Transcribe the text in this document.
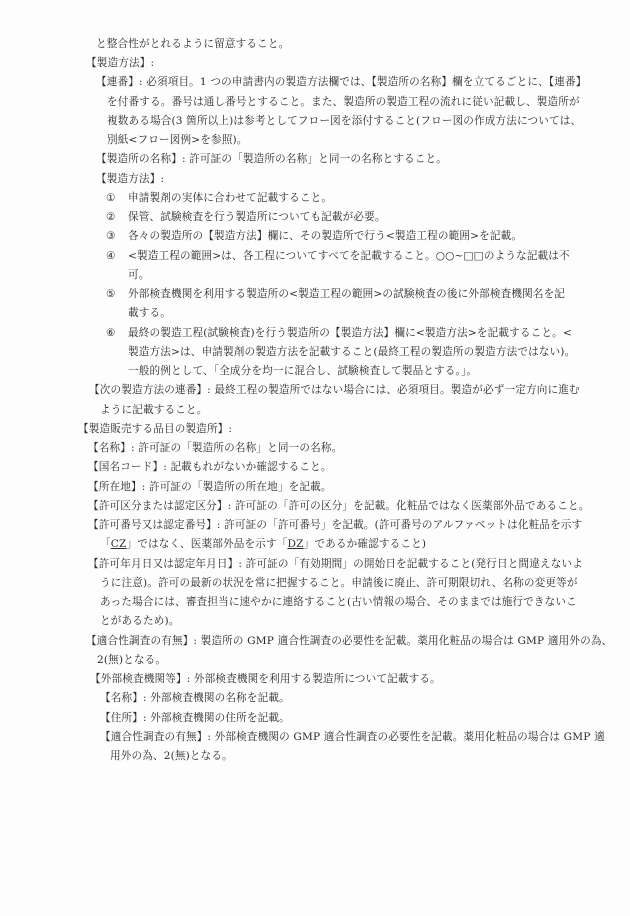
と整合性がとれるように留意すること。
【製造方法】:
【連番】: 必須項目。1 つの申請書内の製造方法欄では、【製造所の名称】欄を立てるごとに、【連番】
を付番する。番号は通し番号とすること。また、製造所の製造工程の流れに従い記載し、製造所が
複数ある場合(3 箇所以上)は参考としてフロー図を添付すること(フロー図の作成方法については、
別紙<フロー図例>を参照)。
【製造所の名称】: 許可証の「製造所の名称」と同一の名称とすること。
【製造方法】:
① 申請製剤の実体に合わせて記載すること。
② 保管、試験検査を行う製造所についても記載が必要。
③ 各々の製造所の【製造方法】欄に、その製造所で行う<製造工程の範囲>を記載。
④ <製造工程の範囲>は、各工程についてすべてを記載すること。○○~□□のような記載は不
可。
⑤ 外部検査機関を利用する製造所の<製造工程の範囲>の試験検査の後に外部検査機関名を記
載する。
⑥ 最終の製造工程(試験検査)を行う製造所の【製造方法】欄に<製造方法>を記載すること。<
製造方法>は、申請製剤の製造方法を記載すること(最終工程の製造所の製造方法ではない)。
一般的例として、「全成分を均一に混合し、試験検査して製品とする。」。
【次の製造方法の連番】: 最終工程の製造所ではない場合には、必須項目。製造が必ず一定方向に進む
ように記載すること。
【製造販売する品目の製造所】:
【名称】: 許可証の「製造所の名称」と同一の名称。
【国名コード】: 記載もれがないか確認すること。
【所在地】: 許可証の「製造所の所在地」を記載。
【許可区分または認定区分】: 許可証の「許可の区分」を記載。化粧品ではなく医薬部外品であること。
【許可番号又は認定番号】: 許可証の「許可番号」を記載。(許可番号のアルファベットは化粧品を示す
「CZ」ではなく、医薬部外品を示す「DZ」であるか確認すること)
【許可年月日又は認定年月日】: 許可証の「有効期間」の開始日を記載すること(発行日と間違えないよ
うに注意)。許可の最新の状況を常に把握すること。申請後に廃止、許可期限切れ、名称の変更等が
あった場合には、審査担当に速やかに連絡すること(古い情報の場合、そのままでは施行できないこ
とがあるため)。
【適合性調査の有無】: 製造所の GMP 適合性調査の必要性を記載。薬用化粧品の場合は GMP 適用外の為、
2(無)となる。
【外部検査機関等】: 外部検査機関を利用する製造所について記載する。
【名称】: 外部検査機関の名称を記載。
【住所】: 外部検査機関の住所を記載。
【適合性調査の有無】: 外部検査機関の GMP 適合性調査の必要性を記載。薬用化粧品の場合は GMP 適
用外の為、2(無)となる。
